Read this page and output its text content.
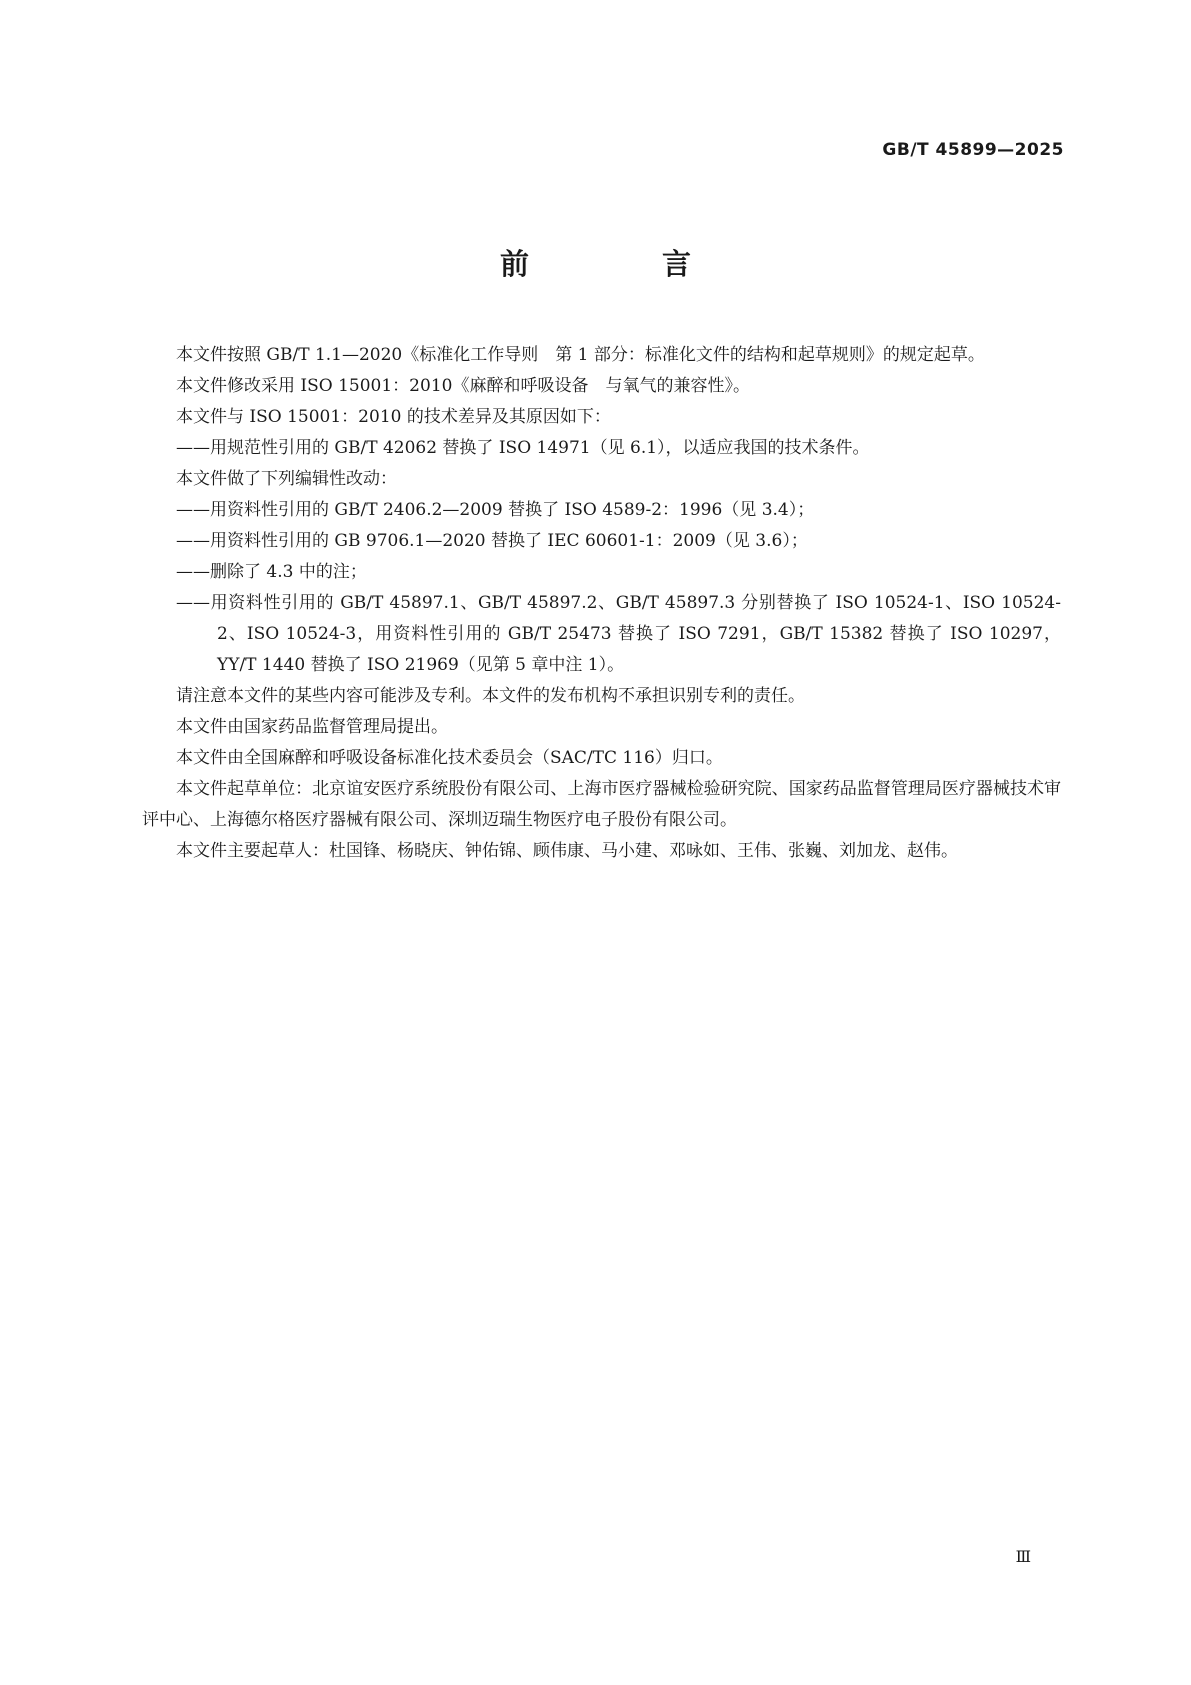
GB/T 45899—2025
前　言

本文件按照 GB/T 1.1—2020《标准化工作导则　第 1 部分：标准化文件的结构和起草规则》的规定起草。

本文件修改采用 ISO 15001：2010《麻醉和呼吸设备　与氧气的兼容性》。

本文件与 ISO 15001：2010 的技术差异及其原因如下：

——用规范性引用的 GB/T 42062 替换了 ISO 14971（见 6.1），以适应我国的技术条件。

本文件做了下列编辑性改动：

——用资料性引用的 GB/T 2406.2—2009 替换了 ISO 4589-2：1996（见 3.4）；

——用资料性引用的 GB 9706.1—2020 替换了 IEC 60601-1：2009（见 3.6）；

——删除了 4.3 中的注；

——用资料性引用的 GB/T 45897.1、GB/T 45897.2、GB/T 45897.3 分别替换了 ISO 10524-1、ISO 10524-2、ISO 10524-3，用资料性引用的 GB/T 25473 替换了 ISO 7291，GB/T 15382 替换了 ISO 10297，YY/T 1440 替换了 ISO 21969（见第 5 章中注 1）。

请注意本文件的某些内容可能涉及专利。本文件的发布机构不承担识别专利的责任。

本文件由国家药品监督管理局提出。

本文件由全国麻醉和呼吸设备标准化技术委员会（SAC/TC 116）归口。

本文件起草单位：北京谊安医疗系统股份有限公司、上海市医疗器械检验研究院、国家药品监督管理局医疗器械技术审评中心、上海德尔格医疗器械有限公司、深圳迈瑞生物医疗电子股份有限公司。

本文件主要起草人：杜国锋、杨晓庆、钟佑锦、顾伟康、马小建、邓咏如、王伟、张巍、刘加龙、赵伟。

Ⅲ
